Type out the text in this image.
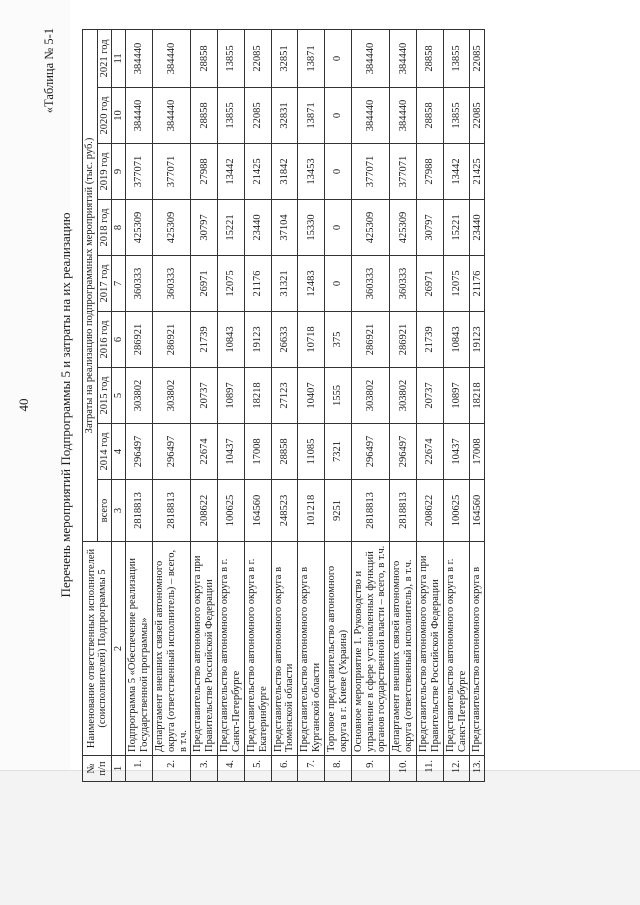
40
«Таблица № 5-1
Перечень мероприятий Подпрограммы 5 и затраты на их реализацию
№ п/п	Наименование ответственных исполнителей (соисполнителей) Подпрограммы 5	Затраты на реализацию подпрограммных мероприятий (тыс. руб.)								
		всего	2014 год	2015 год	2016 год	2017 год	2018 год	2019 год	2020 год	2021 год
1	2	3	4	5	6	7	8	9	10	11
1.	Подпрограмма 5 «Обеспечение реализации Государственной программы»	2818813	296497	303802	286921	360333	425309	377071	384440	384440
2.	Департамент внешних связей автономного округа (ответственный исполнитель) – всего, в т.ч.	2818813	296497	303802	286921	360333	425309	377071	384440	384440
3.	Представительство автономного округа при Правительстве Российской Федерации	208622	22674	20737	21739	26971	30797	27988	28858	28858
4.	Представительство автономного округа в г. Санкт-Петербурге	100625	10437	10897	10843	12075	15221	13442	13855	13855
5.	Представительство автономного округа в г. Екатеринбурге	164560	17008	18218	19123	21176	23440	21425	22085	22085
6.	Представительство автономного округа в Тюменской области	248523	28858	27123	26633	31321	37104	31842	32831	32851
7.	Представительство автономного округа в Курганской области	101218	11085	10407	10718	12483	15330	13453	13871	13871
8.	Торговое представительство автономного округа в г. Киеве (Украина)	9251	7321	1555	375	0	0	0	0	0
9.	Основное мероприятие 1. Руководство и управление в сфере установленных функций органов государственной власти – всего, в т.ч.	2818813	296497	303802	286921	360333	425309	377071	384440	384440
10.	Департамент внешних связей автономного округа (ответственный исполнитель), в т.ч.	2818813	296497	303802	286921	360333	425309	377071	384440	384440
11.	Представительство автономного округа при Правительстве Российской Федерации	208622	22674	20737	21739	26971	30797	27988	28858	28858
12.	Представительство автономного округа в г. Санкт-Петербурге	100625	10437	10897	10843	12075	15221	13442	13855	13855
13.	Представительство автономного округа в	164560	17008	18218	19123	21176	23440	21425	22085	22085
